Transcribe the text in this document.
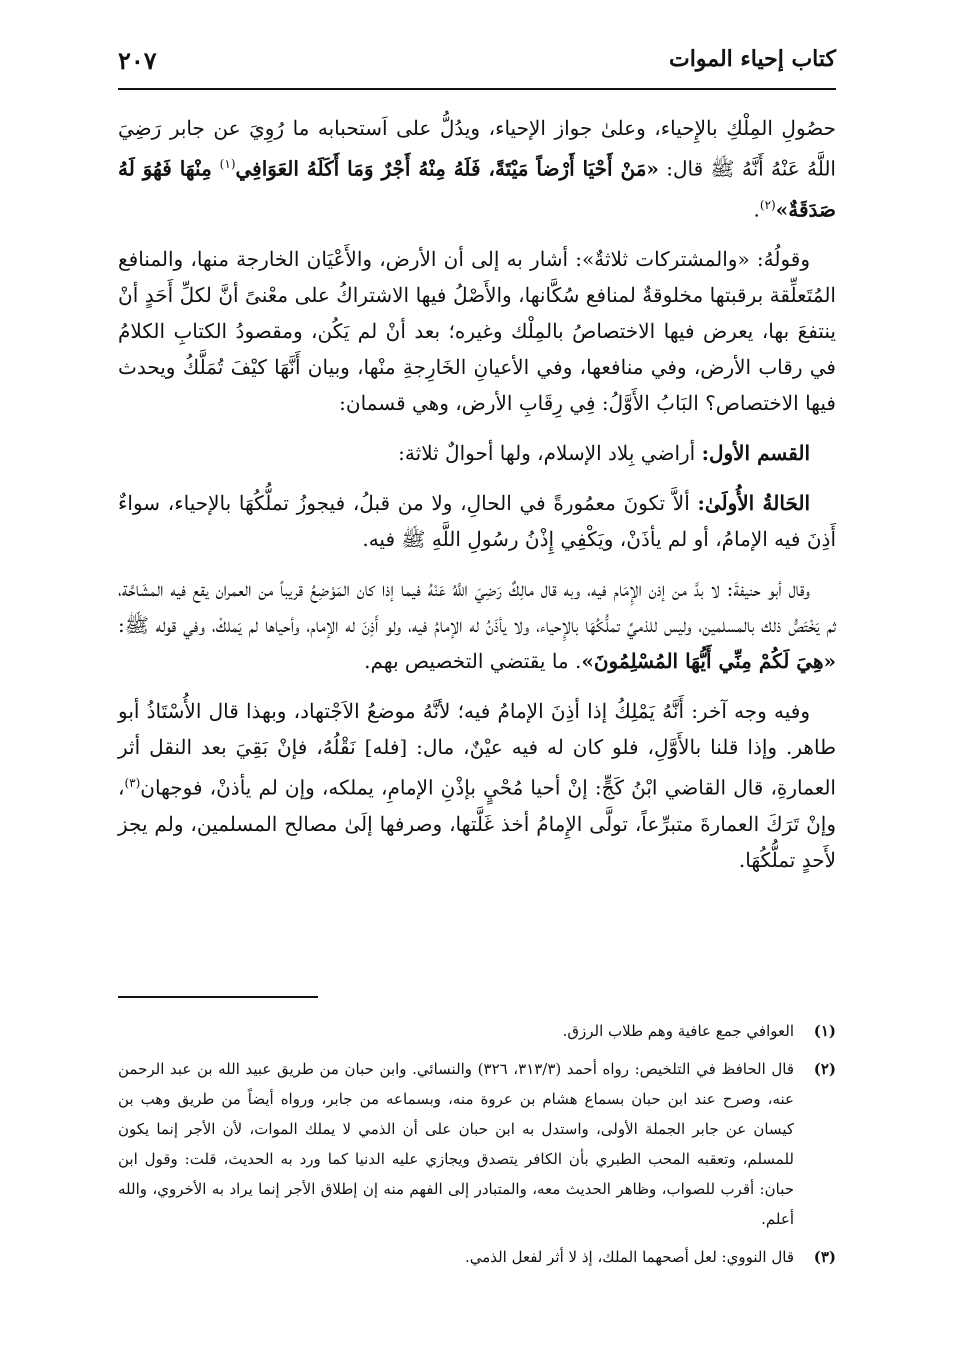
كتاب إحياء الموات
٢٠٧

حصُولِ المِلْكِ بالإِحياء، وعلىٰ جواز الإحياء، ويدُلُّ على اَستحبابه ما رُوِيَ عن جابر رَضِيَ اللَّهُ عَنْهُ أَنَّهُ ﷺ قال: «مَنْ أَحْيَا أَرْضاً مَيْتَةً، فَلَهُ مِنْهُ أَجْرٌ وَمَا أَكَلَهُ العَوَافِي$^{(١)}$ مِنْهَا فَهُوَ لَهُ صَدَقَةٌ»$^{(٢)}$.

وقولُهُ: «والمشتركات ثلاثةٌ»: أشار به إلى أن الأرض، والأَعْيَان الخارجة منها، والمنافع المُتَعلِّقة برقبتها مخلوقةٌ لمنافع سُكَّانها، والأَصْلُ فيها الاشتراكُ على معْنىً أنَّ لكلِّ أَحَدٍ أنْ ينتفعَ بها، يعرض فيها الاختصاصُ بالمِلْك وغيره؛ بعد أنْ لم يَكُن، ومقصودُ الكتابِ الكلامُ في رقاب الأرض، وفي منافعها، وفي الأعيانِ الخَارِجةِ منْها، وبيان أَنَّهَا كيْفَ تُمَلَّكُ ويحدث فيها الاختصاص؟ البَابُ الأَوَّلُ: فِي رِقَابِ الأرض، وهي قسمان:

القسم الأول: أراضي بِلاد الإسلام، ولها أحوالٌ ثلاثة:

الحَالةُ الأُولَىٰ: ألاَّ تكونَ معمُورةً في الحالِ، ولا من قبلُ، فيجوزُ تملُّكُهَا بالإحياء، سواءٌ أَذِنَ فيه الإمامُ، أو لم يأذَنْ، ويَكْفِي إِذْنُ رسُولِ اللَّهِ ﷺ فيه.

وقال أبو حنيفةَ: لا بدَّ من إذن الإِمَام فيه، وبه قال مالِكٌ رَضِيَ اللَّهُ عَنْهُ فيما إذا كان المَوْضِعُ قريباً من العمران يقع فيه المشَاحَّة، ثم يَخْتَصُّ ذلك بالمسلمين، وليس للذميِّ تملُّكُهَا بالإِحياء، ولا يأذَنُ له الإمامُ فيه، ولو أَذِنَ له الإمام، وأحياها لم يَملكْ، وفي قوله ﷺ: «هِيَ لَكُمْ مِنِّي أَيُّهَا المُسْلِمُونَ». ما يقتضي التخصيص بهم.

وفيه وجه آخر: أَنَّهُ يَمْلِكُ إذا أذِنَ الإمامُ فيه؛ لأنَّهُ موضعُ الاَجْتهاد، وبهذا قال الأُسْتَاذُ أبو طاهر. وإذا قلنا بالأَوَّلِ، فلو كان له فيه عيْنٌ، مال: [فله] نَقْلُهُ، فإنْ بَقِيَ بعد النقل أثر العمارةِ، قال القاضي ابْنُ كَجٍّ: إنْ أحيا مُحْيٍ بإذْنِ الإمامِ، يملكه، وإن لم يأذنْ، فوجهان$^{(٣)}$، وإنْ تَرَكَ العمارةَ متبرِّعاً، تولَّى الإِمامُ أخذ غَلَّتها، وصرفها إلَىٰ مصالح المسلمين، ولم يجز لأَحدٍ تملُّكُهَا.

(١)
العوافي جمع عافية وهم طلاب الرزق.
(٢)
قال الحافظ في التلخيص: رواه أحمد (٣١٣/٣، ٣٢٦) والنسائي. وابن حبان من طريق عبيد الله بن عبد الرحمن عنه، وصرح عند ابن حبان بسماع هشام بن عروة منه، وبسماعه من جابر، ورواه أيضاً من طريق وهب بن كيسان عن جابر الجملة الأولى، واستدل به ابن حبان على أن الذمي لا يملك الموات، لأن الأجر إنما يكون للمسلم، وتعقبه المحب الطبري بأن الكافر يتصدق ويجازي عليه الدنيا كما ورد به الحديث، قلت: وقول ابن حبان: أقرب للصواب، وظاهر الحديث معه، والمتبادر إلى الفهم منه إن إطلاق الأجر إنما يراد به الأخروي، والله أعلم.
(٣)
قال النووي: لعل أصحهما الملك، إذ لا أثر لفعل الذمي.
